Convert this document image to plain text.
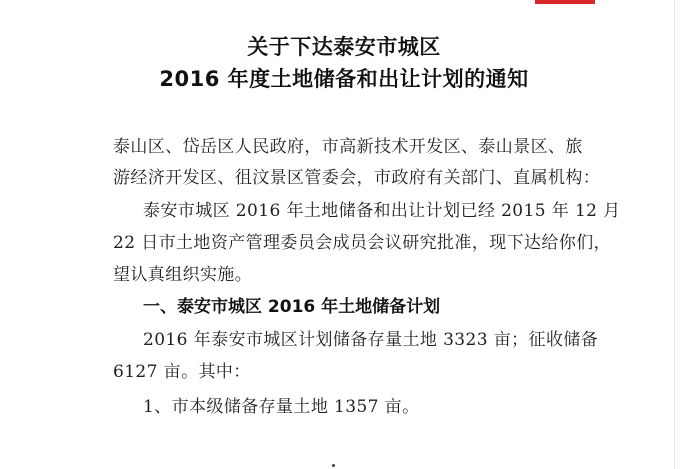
关于下达泰安市城区
2016 年度土地储备和出让计划的通知
泰山区、岱岳区人民政府，市高新技术开发区、泰山景区、旅
游经济开发区、徂汶景区管委会，市政府有关部门、直属机构：
泰安市城区 2016 年土地储备和出让计划已经 2015 年 12 月
22 日市土地资产管理委员会成员会议研究批准，现下达给你们，
望认真组织实施。
一、泰安市城区 2016 年土地储备计划
2016 年泰安市城区计划储备存量土地 3323 亩；征收储备
6127 亩。其中：
1、市本级储备存量土地 1357 亩。
